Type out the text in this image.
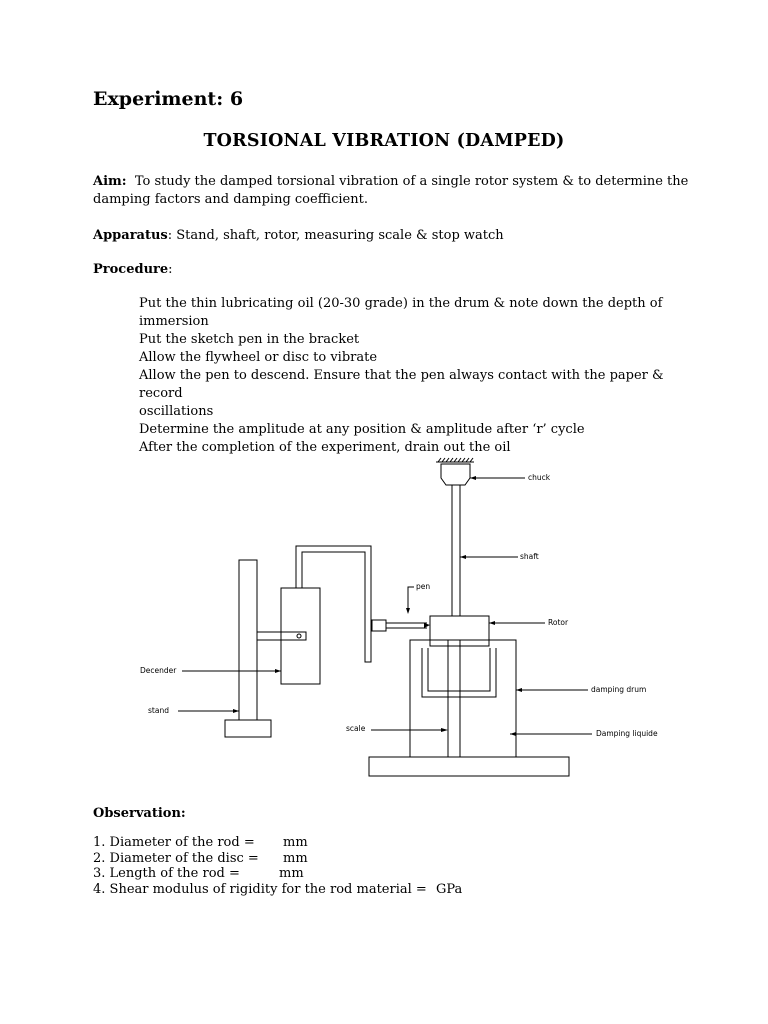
Experiment: 6
TORSIONAL VIBRATION (DAMPED)
Aim: To study the damped torsional vibration of a single rotor system & to determine the
damping factors and damping coefficient.
Apparatus: Stand, shaft, rotor, measuring scale & stop watch
Procedure:
Put the thin lubricating oil (20-30 grade) in the drum & note down the depth of
immersion
Put the sketch pen in the bracket
Allow the flywheel or disc to vibrate
Allow the pen to descend. Ensure that the pen always contact with the paper & record
oscillations
Determine the amplitude at any position & amplitude after ‘r’ cycle
After the completion of the experiment, drain out the oil
chuck
shaft
pen
Rotor
Decender
stand
scale
damping drum
Damping liquide
Observation:
1. Diameter of the rod = mm
2. Diameter of the disc = mm
3. Length of the rod =	mm
4. Shear modulus of rigidity for the rod material = GPa
